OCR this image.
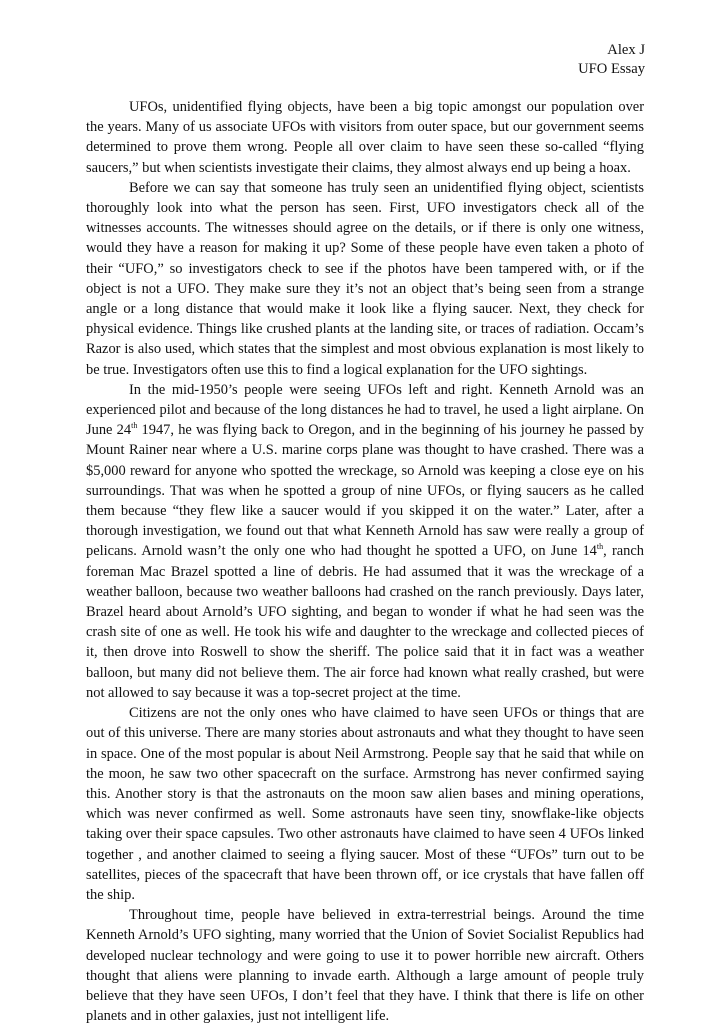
Alex J
UFO Essay

UFOs, unidentified flying objects, have been a big topic amongst our population over the years. Many of us associate UFOs with visitors from outer space, but our government seems determined to prove them wrong. People all over claim to have seen these so-called “flying saucers,” but when scientists investigate their claims, they almost always end up being a hoax.

Before we can say that someone has truly seen an unidentified flying object, scientists thoroughly look into what the person has seen. First, UFO investigators check all of the witnesses accounts. The witnesses should agree on the details, or if there is only one witness, would they have a reason for making it up? Some of these people have even taken a photo of their “UFO,” so investigators check to see if the photos have been tampered with, or if the object is not a UFO. They make sure they it’s not an object that’s being seen from a strange angle or a long distance that would make it look like a flying saucer. Next, they check for physical evidence. Things like crushed plants at the landing site, or traces of radiation. Occam’s Razor is also used, which states that the simplest and most obvious explanation is most likely to be true. Investigators often use this to find a logical explanation for the UFO sightings.

In the mid-1950’s people were seeing UFOs left and right. Kenneth Arnold was an experienced pilot and because of the long distances he had to travel, he used a light airplane. On June 24th 1947, he was flying back to Oregon, and in the beginning of his journey he passed by Mount Rainer near where a U.S. marine corps plane was thought to have crashed. There was a $5,000 reward for anyone who spotted the wreckage, so Arnold was keeping a close eye on his surroundings. That was when he spotted a group of nine UFOs, or flying saucers as he called them because “they flew like a saucer would if you skipped it on the water.” Later, after a thorough investigation, we found out that what Kenneth Arnold has saw were really a group of pelicans. Arnold wasn’t the only one who had thought he spotted a UFO, on June 14th, ranch foreman Mac Brazel spotted a line of debris. He had assumed that it was the wreckage of a weather balloon, because two weather balloons had crashed on the ranch previously. Days later, Brazel heard about Arnold’s UFO sighting, and began to wonder if what he had seen was the crash site of one as well. He took his wife and daughter to the wreckage and collected pieces of it, then drove into Roswell to show the sheriff. The police said that it in fact was a weather balloon, but many did not believe them. The air force had known what really crashed, but were not allowed to say because it was a top-secret project at the time.

Citizens are not the only ones who have claimed to have seen UFOs or things that are out of this universe. There are many stories about astronauts and what they thought to have seen in space. One of the most popular is about Neil Armstrong. People say that he said that while on the moon, he saw two other spacecraft on the surface. Armstrong has never confirmed saying this. Another story is that the astronauts on the moon saw alien bases and mining operations, which was never confirmed as well. Some astronauts have seen tiny, snowflake-like objects taking over their space capsules. Two other astronauts have claimed to have seen 4 UFOs linked together , and another claimed to seeing a flying saucer. Most of these “UFOs” turn out to be satellites, pieces of the spacecraft that have been thrown off, or ice crystals that have fallen off the ship.

Throughout time, people have believed in extra-terrestrial beings. Around the time Kenneth Arnold’s UFO sighting, many worried that the Union of Soviet Socialist Republics had developed nuclear technology and were going to use it to power horrible new aircraft. Others thought that aliens were planning to invade earth. Although a large amount of people truly believe that they have seen UFOs, I don’t feel that they have. I think that there is life on other planets and in other galaxies, just not intelligent life.
